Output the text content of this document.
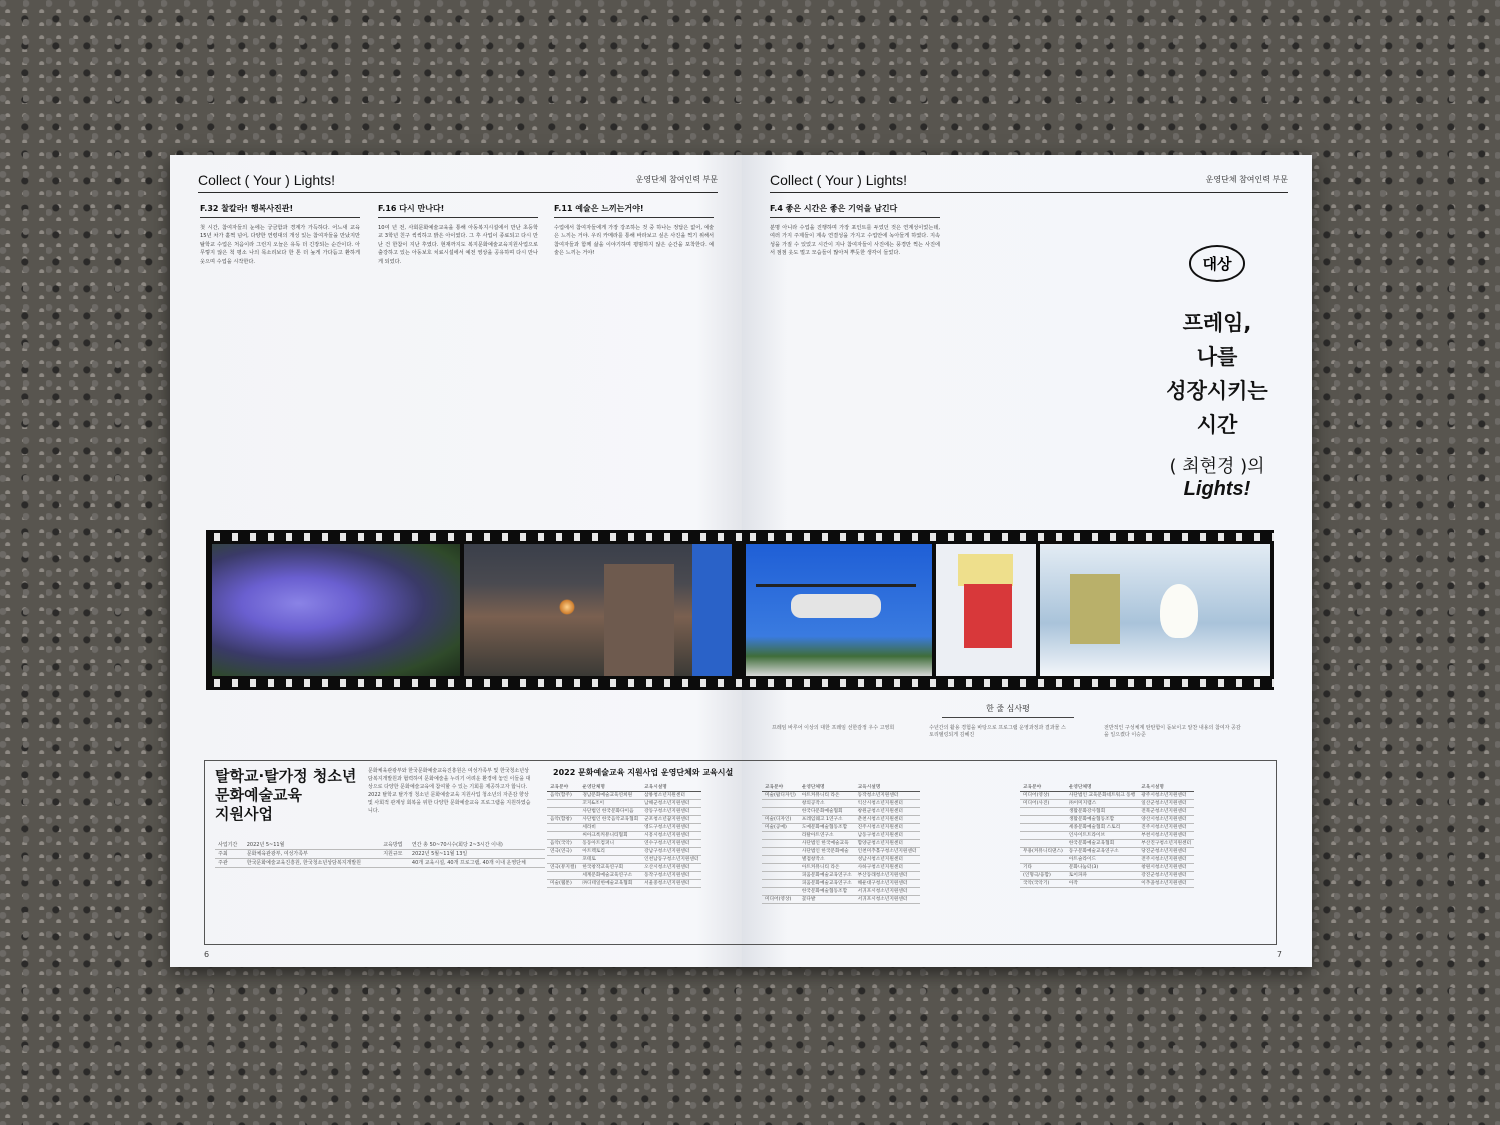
Collect ( Your ) Lights!	운영단체 참여인력 부문
F.32 찰칼라! 행복사진관!

첫 시간, 참여자들의 눈에는 궁금함과 경계가 가득하다. 어느새 교육 15년 차가 훌쩍 넘어, 다양한 연령대의 개성 있는 참여자들을 만났지만 탈학교 수업은 처음이라 그런지 오늘은 유독 더 긴장되는 순간이다. 아무렇지 않은 척 평소 나의 목소리보다 한 톤 더 높게 가다듬고 환하게 웃으며 수업을 시작한다.

F.16 다시 만나다!

10여 년 전, 사회문화예술교육을 통해 아동복지시설에서 만난 초등학교 3학년 친구 씩씩하고 밝은 아이였다. 그 후 사업이 종료되고 다시 만난 건 한참이 지난 후였다. 현재까지도 복지문화예술교육지원사업으로 출강하고 있는 아동보호 치료시설에서 예전 영상을 공유하며 다시 만나게 되었다.

F.11 예술은 느끼는거야!

수업에서 참여자들에게 가장 강조하는 것 중 하나는 정답은 없어, 예술은 느끼는 거야. 우리 카메라를 통해 바라보고 싶은 사진을 찍기 위해서 참여자들과 함께 삶을 이야기하며 평범하지 않은 순간을 포착한다. 예술은 느끼는 거야!

탈학교·탈가정 청소년
문화예술교육
지원사업
문화체육관광부와 한국문화예술교육진흥원은 여성가족부 및 한국청소년상담복지개발원과 협력하여 문화예술을 누리기 어려운 환경에 놓인 이들을 대상으로 다양한 문화예술교육에 참여할 수 있는 기회를 제공하고자 합니다. 2022 탈학교 탈가정 청소년 문화예술교육 지원사업 청소년의 자존감 향상 및 사회적 관계성 회복을 위한 다양한 문화예술교육 프로그램을 지원하였습니다.
사업기간	2022년 5~11월	교육방법	연간 총 50~70시수(회당 2~3시간 이내)
주최	문화체육관광부, 여성가족부	지원규모	2022년 5월~11월 13일
주관	한국문화예술교육진흥원, 한국청소년상담복지개발원		40개 교육시설, 40개 프로그램, 40개 이내 운영단체
2022 문화예술교육 지원사업 운영단체와 교육시설
교육분야	운영단체명	교육시설명
음악(합주)	경남문화예술교육연희원	삼룡청소년지원센터
	꼬지&조이	남해군청소년지원센터
	사단법인 한국문화다이음	강동구청소년지원센터
음악(합창)	사단법인 한국음악교육협회	군포청소년꿈지원센터
	세라비	영도구청소년지원센터
	씨아크록커뮤니티협회	시흥시청소년지원센터
음악(국악)	동동아트컴퍼니	연수구청소년지원센터
연극(연극)	아트렉토리	강남구청소년지원센터
	포테토	인천남동구청소년지원센터
연극(뮤지컬)	한국창작교육연구회	오산시청소년지원센터
	세계문화예술교육연구소	동작구청소년지원센터
미술(웹툰)	㈜디테일한예술교육협회	서울중청소년지원센터
6
Collect ( Your ) Lights!	운영단체 참여인력 부문
F.4 좋은 시간은 좋은 기억을 남긴다

분명 아니라 수업을 진행하며 가장 포인트를 두었던 것은 연계성이었는데, 여러 가지 주제들이 계속 연결성을 가지고 수업안에 녹아들게 하였다. 지속성을 가질 수 있었고 시간이 지나 참여자들이 사진에는 풍경만 찍는 사진에서 점점 옷도 멀고 모습들이 많아져 뿌듯한 생각이 들었다.

대상
프레임,
나를
성장시키는
시간
( 최현경 )의
Lights!
한 줄 심사평
프레임 바루어 이상의 대한 프레임 선한감정 우수 고영희	수년간의 활용 경험을 바탕으로 프로그램 운영과정과 결과물 스토리텔링되게 김혜진
전반적인 구성체계 탄탄함이 돋보이고 알찬 내용의 참여자 공감을 일으켰다 이승준
교육분야	운영단체명	교육시설명
미술(팝디자인)	아트커뮤니티 라온	동작청소년지원센터
	창의공작소	익산시청소년지원센터
	한국다문화예술협회	창원군청소년지원센터
미술(디자인)	프레임웨고 1연구소	춘천시청소년지원센터
미술(공예)	도예문화예술협동조합	진주시청소년지원센터
	라탈아트연구소	남동구청소년지원센터
	사단법인 한국예술교육	함양군청소년지원센터
	사단법인 한국문화예술	인천미추홀구청소년지원센터
	별점창작소	성남시청소년지원센터
	아트커뮤니티 라온	사하구청소년지원센터
	피움문화예술교육연구소	부산동래청소년지원센터
	피움문화예술교육연구소	해운대구청소년지원센터
	한국문화예술협동조합	서귀포시청소년지원센터
미디어(영상)	꽃다발	서귀포시청소년지원센터
교육분야	운영단체명	교육시설명
미디어(영상)	사단법인 교육문화네트워크 동행	광주시청소년지원센터
미디어(사진)	㈜이미지랩스	일산군청소년지원센터
	생활문화강사협회	전북군청소년지원센터
	생활문화예술협동조합	양산시청소년지원센터
	세종문화예술협회 스토리	진주시청소년지원센터
	인사이트트라이브	부천시청소년지원센터
	한국문화예술교육협회	부산진구청소년지원센터
무용(커뮤니티댄스)	동구문화예술교육연구소	당진군청소년지원센터
	아트슬라이드	전주시청소년지원센터
기타	문화나눔터(3)	창원시청소년지원센터
(인형극/융합)	토이파파	강진군청소년지원센터
국악(국악기)	아작	이추졸청소년지원센터
7
